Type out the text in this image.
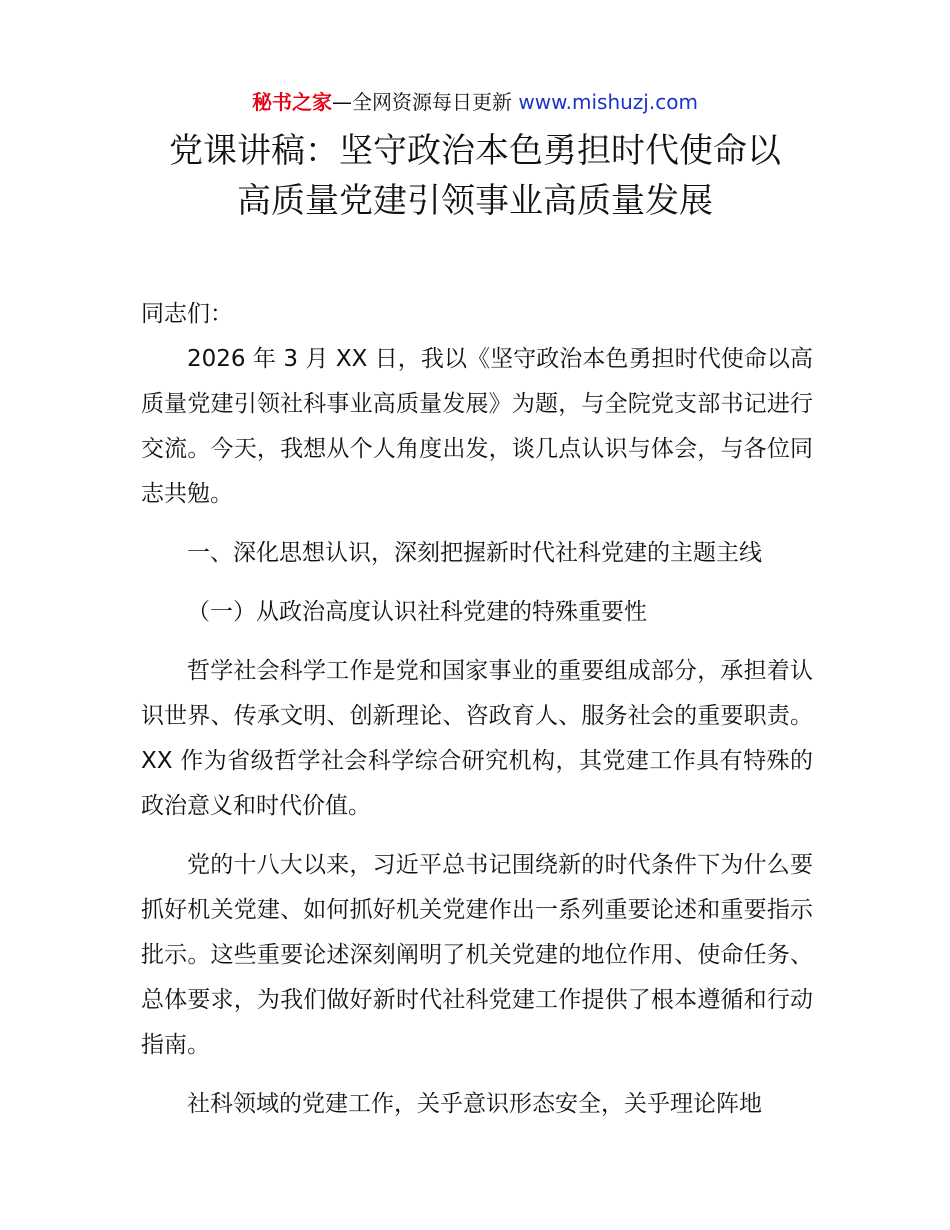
秘书之家—全网资源每日更新 www.mishuzj.com
党课讲稿：坚守政治本色勇担时代使命以
高质量党建引领事业高质量发展

同志们：

2026 年 3 月 XX 日，我以《坚守政治本色勇担时代使命以高质量党建引领社科事业高质量发展》为题，与全院党支部书记进行交流。今天，我想从个人角度出发，谈几点认识与体会，与各位同志共勉。

一、深化思想认识，深刻把握新时代社科党建的主题主线

（一）从政治高度认识社科党建的特殊重要性

哲学社会科学工作是党和国家事业的重要组成部分，承担着认识世界、传承文明、创新理论、咨政育人、服务社会的重要职责。XX 作为省级哲学社会科学综合研究机构，其党建工作具有特殊的政治意义和时代价值。

党的十八大以来，习近平总书记围绕新的时代条件下为什么要抓好机关党建、如何抓好机关党建作出一系列重要论述和重要指示批示。这些重要论述深刻阐明了机关党建的地位作用、使命任务、总体要求，为我们做好新时代社科党建工作提供了根本遵循和行动指南。

社科领域的党建工作，关乎意识形态安全，关乎理论阵地
